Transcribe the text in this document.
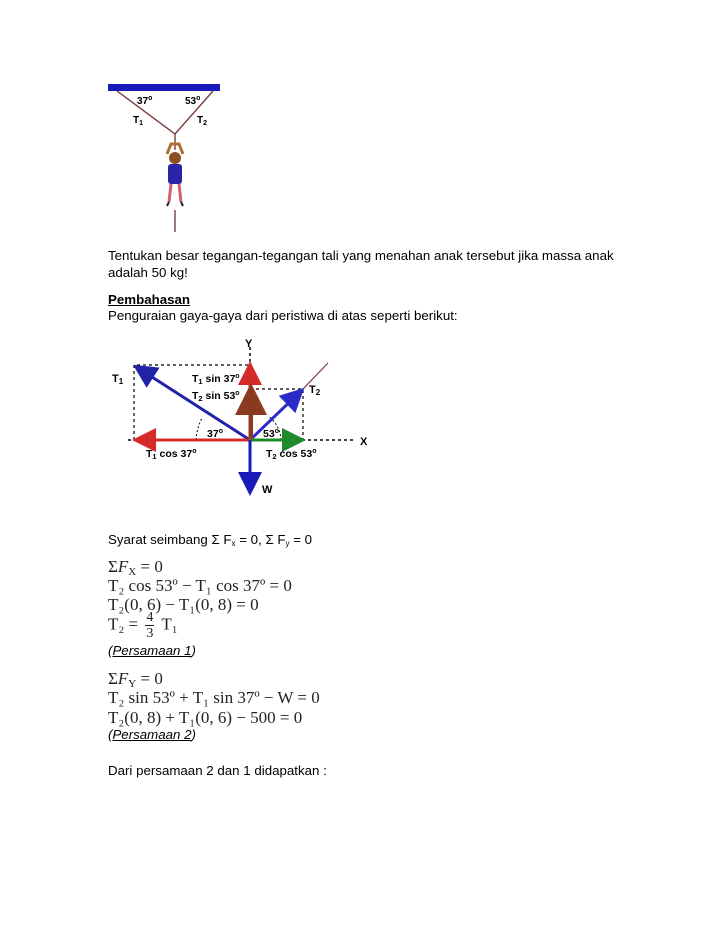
37$^o$	53$^o$
$T_1$	$T_2$
Tentukan besar tegangan-tegangan tali yang menahan anak tersebut jika massa anak
adalah 50 kg!
Pembahasan
Penguraian gaya-gaya dari peristiwa di atas seperti berikut:
Y
X
T1
T2
T1 sin 37$^o$
T2 sin 53$^o$
37$^o$	53$^o$
T1 cos 37$^o$	T2 cos 53$^o$
W
Syarat seimbang Σ $F_x = 0$, Σ $F_y = 0$
$\Sigma F_X = 0$
T₂ cos 53º − T₁ cos 37º = 0
T₂(0, 6) − T₁(0, 8) = 0
$T_2 = \frac{4}{3} T_1$
(Persamaan 1)
$\Sigma F_Y = 0$
T₂ sin 53º + T₁ sin 37º − W = 0
T₂(0, 8) + T₁(0, 6) − 500 = 0
(Persamaan 2)
Dari persamaan 2 dan 1 didapatkan :
